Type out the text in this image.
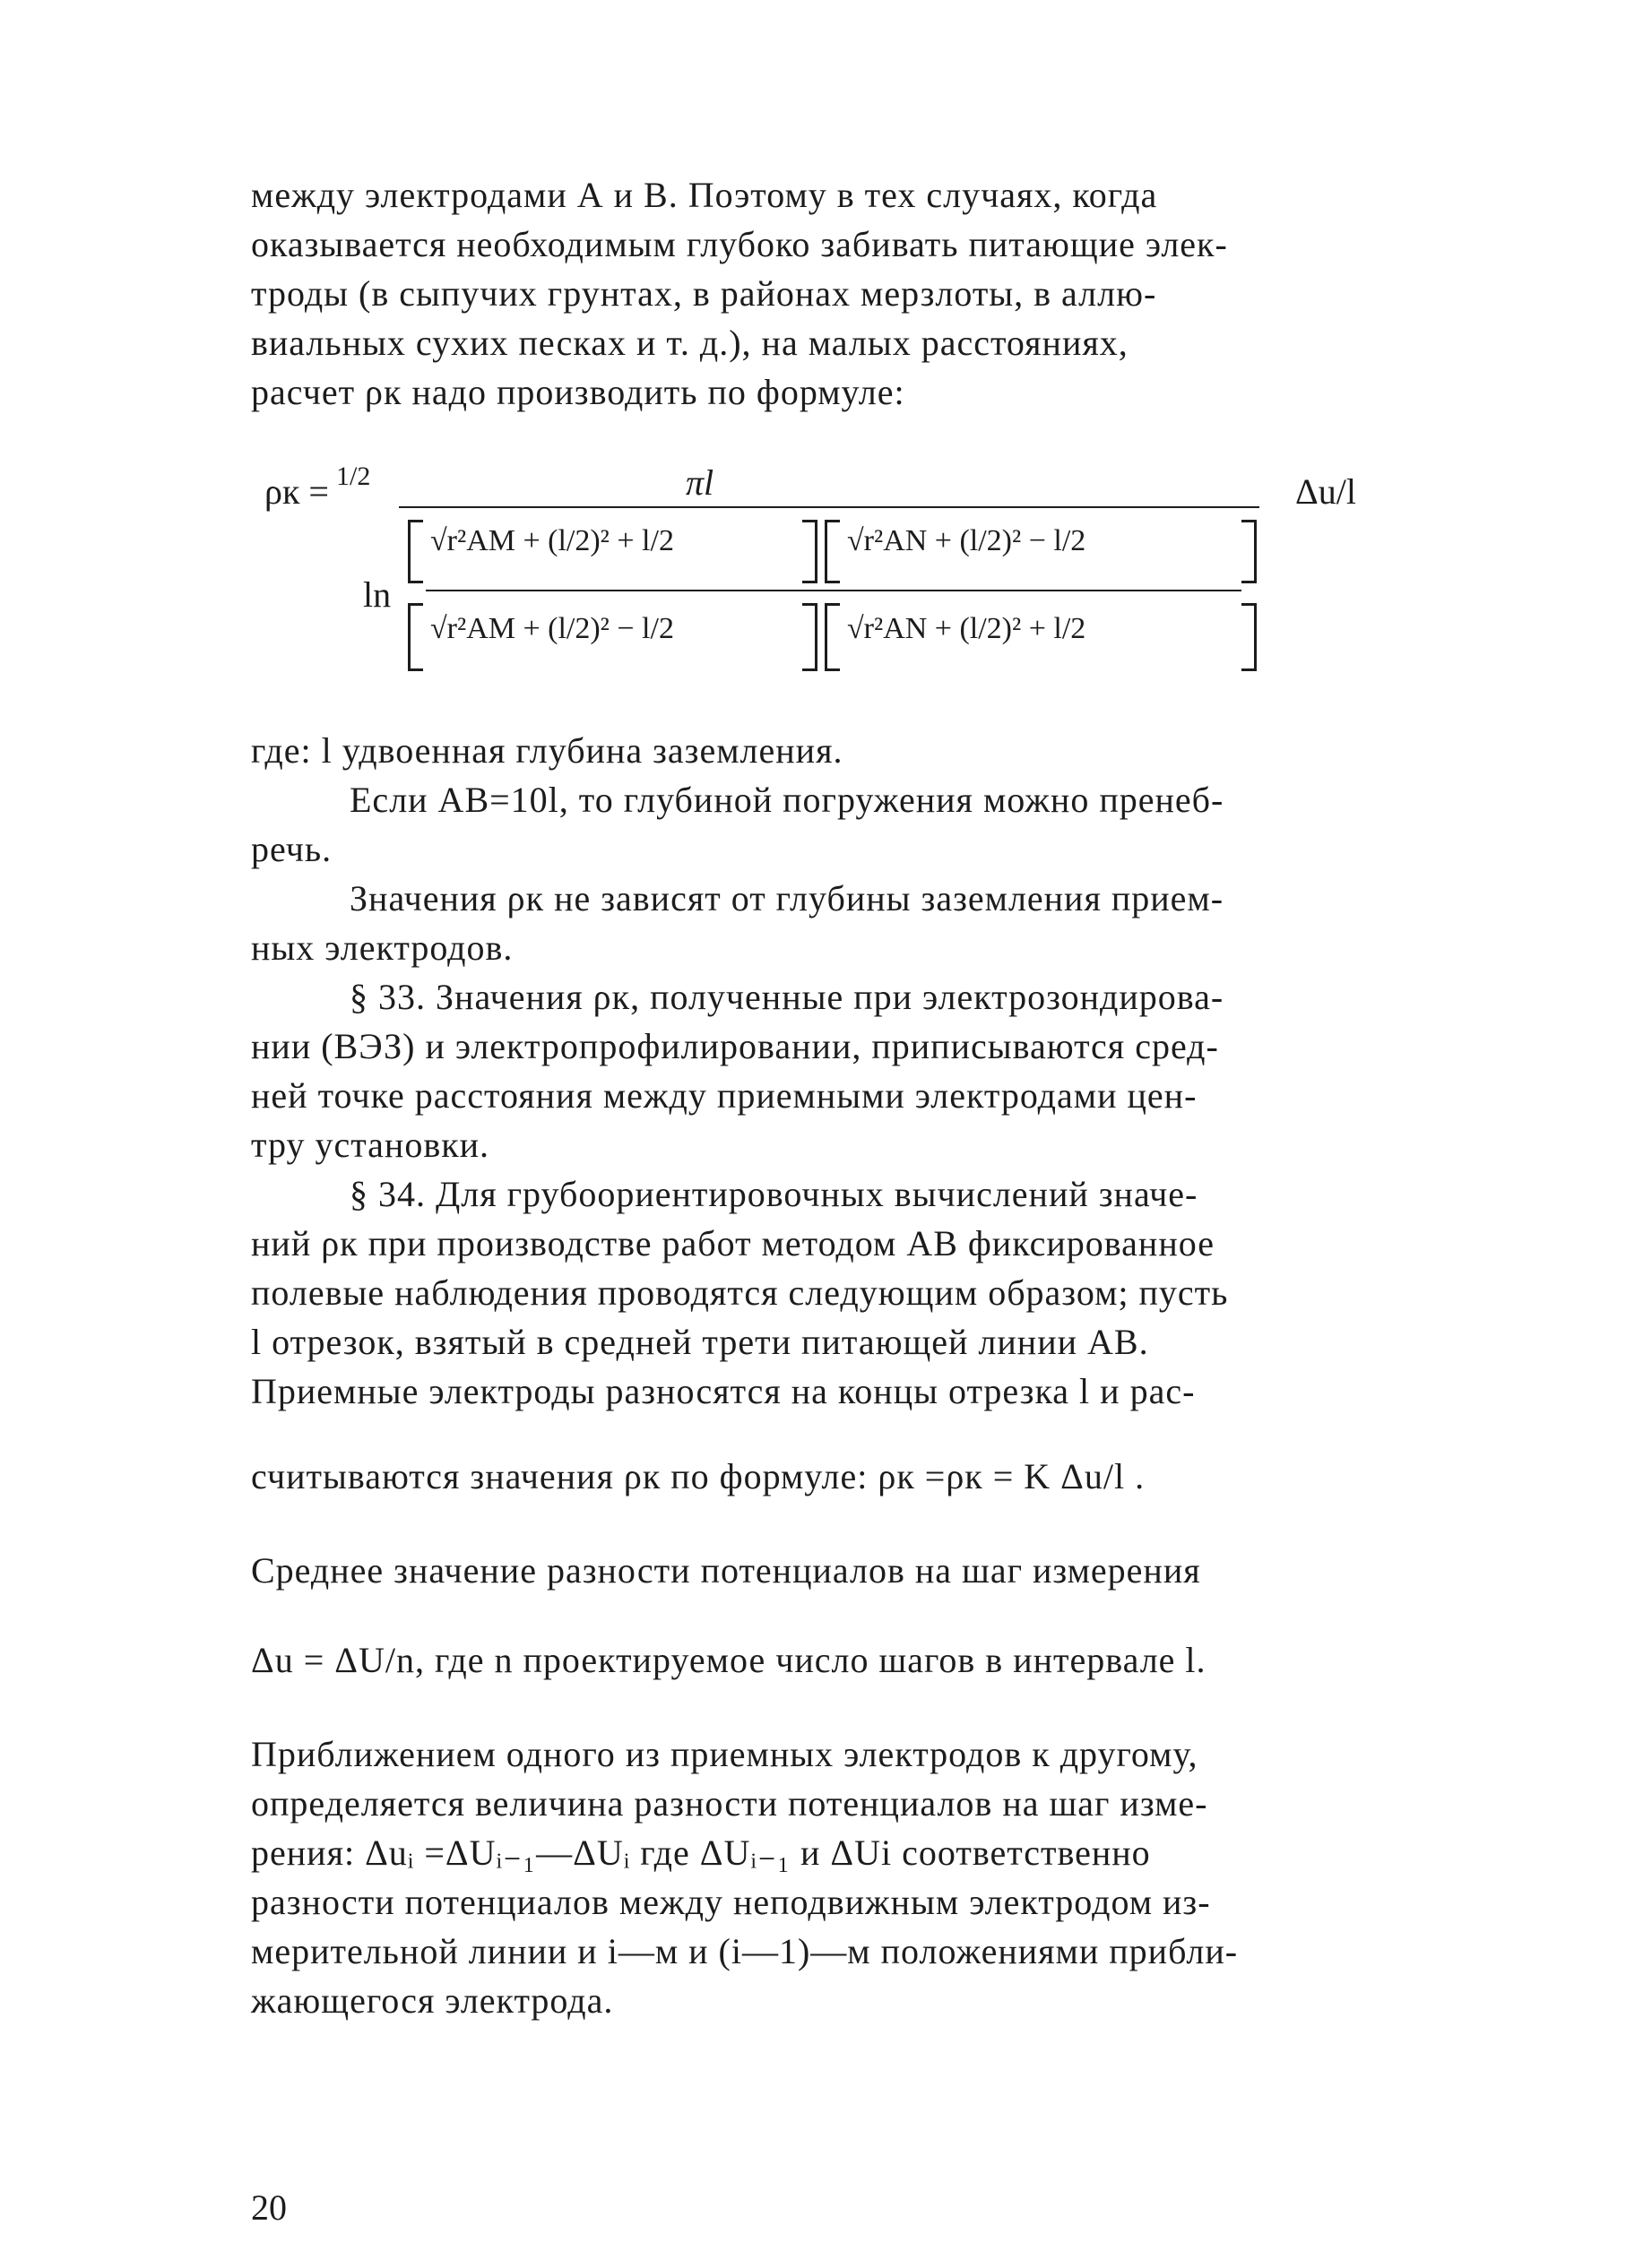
между электродами А и В. Поэтому в тех случаях, когда
оказывается необходимым глубоко забивать питающие элек-
троды (в сыпучих грунтах, в районах мерзлоты, в аллю-
виальных сухих песках и т. д.), на малых расстояниях,
расчет ρк надо производить по формуле:
ρк = 1/2	πl
ln
√r²AM + (l/2)² + l/2	√r²AN + (l/2)² − l/2
√r²AM + (l/2)² − l/2	√r²AN + (l/2)² + l/2
Δu/l
где: l удвоенная глубина заземления.
Если АВ=10l, то глубиной погружения можно пренеб-
речь.
Значения ρк не зависят от глубины заземления прием-
ных электродов.
§ 33. Значения ρк, полученные при электрозондирова-
нии (ВЭЗ) и электропрофилировании, приписываются сред-
ней точке расстояния между приемными электродами цен-
тру установки.
§ 34. Для грубоориентировочных вычислений значе-
ний ρк при производстве работ методом АВ фиксированное
полевые наблюдения проводятся следующим образом; пусть
l отрезок, взятый в средней трети питающей линии АВ.
Приемные электроды разносятся на концы отрезка l и рас-
считываются значения ρк по формуле: ρк =ρк = K Δu/l .
Среднее значение разности потенциалов на шаг измерения
Δu = ΔU/n, где n проектируемое число шагов в интервале l.
Приближением одного из приемных электродов к другому,
определяется величина разности потенциалов на шаг изме-
рения: Δuᵢ =ΔUᵢ₋₁—ΔUᵢ где ΔUᵢ₋₁ и ΔUi соответственно
разности потенциалов между неподвижным электродом из-
мерительной линии и i—м и (i—1)—м положениями прибли-
жающегося электрода.
20
